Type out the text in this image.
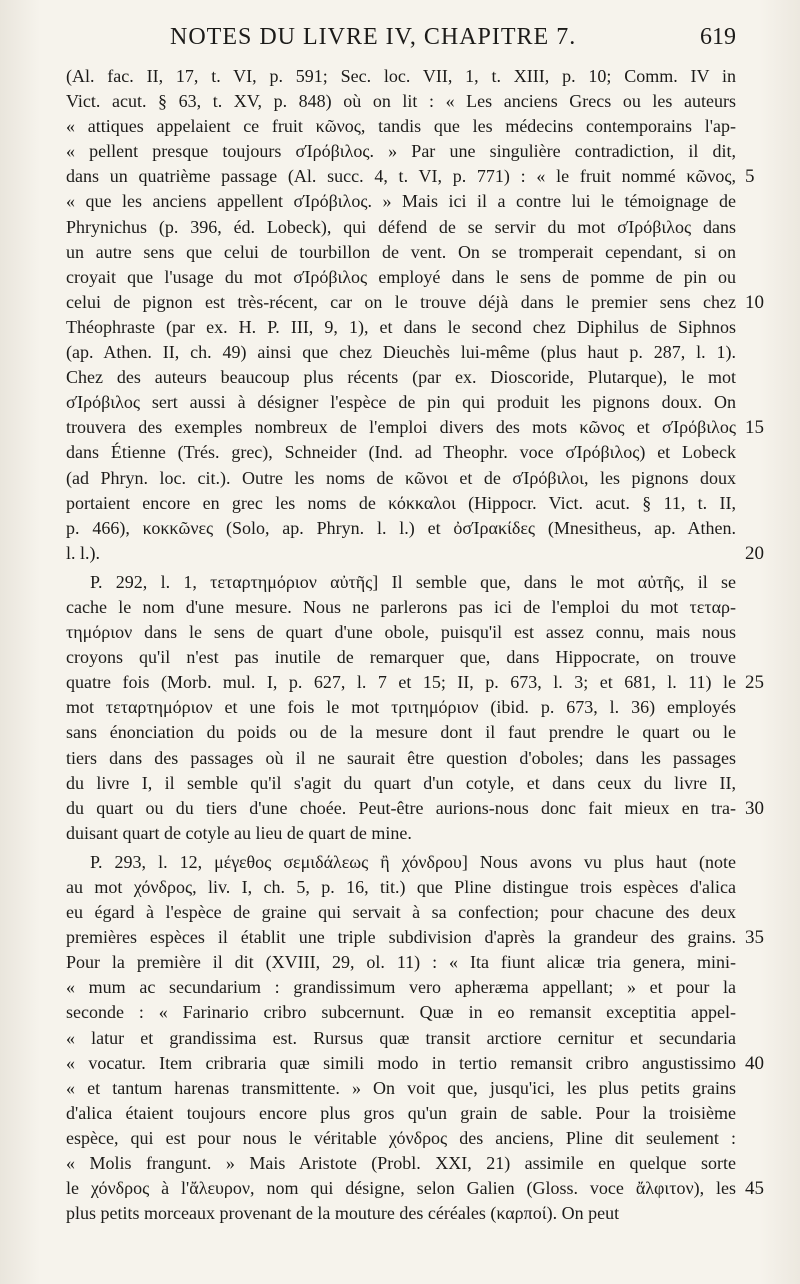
NOTES DU LIVRE IV, CHAPITRE 7.	619
(Al. fac. II, 17, t. VI, p. 591; Sec. loc. VII, 1, t. XIII, p. 10; Comm. IV in
Vict. acut. § 63, t. XV, p. 848) où on lit : « Les anciens Grecs ou les auteurs
« attiques appelaient ce fruit κῶνος, tandis que les médecins contemporains l'ap-
« pellent presque toujours σΊρόβιλος. » Par une singulière contradiction, il dit,
dans un quatrième passage (Al. succ. 4, t. VI, p. 771) : « le fruit nommé κῶνος,
« que les anciens appellent σΊρόβιλος. » Mais ici il a contre lui le témoignage de
Phrynichus (p. 396, éd. Lobeck), qui défend de se servir du mot σΊρόβιλος dans
un autre sens que celui de tourbillon de vent. On se tromperait cependant, si on
croyait que l'usage du mot σΊρόβιλος employé dans le sens de pomme de pin ou
celui de pignon est très-récent, car on le trouve déjà dans le premier sens chez
Théophraste (par ex. H. P. III, 9, 1), et dans le second chez Diphilus de Siphnos
(ap. Athen. II, ch. 49) ainsi que chez Dieuchès lui-même (plus haut p. 287, l. 1).
Chez des auteurs beaucoup plus récents (par ex. Dioscoride, Plutarque), le mot
σΊρόβιλος sert aussi à désigner l'espèce de pin qui produit les pignons doux. On
trouvera des exemples nombreux de l'emploi divers des mots κῶνος et σΊρόβιλος
dans Étienne (Trés. grec), Schneider (Ind. ad Theophr. voce σΊρόβιλος) et Lobeck
(ad Phryn. loc. cit.). Outre les noms de κῶνοι et de σΊρόβιλοι, les pignons doux
portaient encore en grec les noms de κόκκαλοι (Hippocr. Vict. acut. § 11, t. II,
p. 466), κοκκῶνες (Solo, ap. Phryn. l. l.) et ὀσΊρακίδες (Mnesitheus, ap. Athen.
l. l.).
P. 292, l. 1, τεταρτημόριον αὐτῆς] Il semble que, dans le mot αὐτῆς, il se
cache le nom d'une mesure. Nous ne parlerons pas ici de l'emploi du mot τεταρ-
τημόριον dans le sens de quart d'une obole, puisqu'il est assez connu, mais nous
croyons qu'il n'est pas inutile de remarquer que, dans Hippocrate, on trouve
quatre fois (Morb. mul. I, p. 627, l. 7 et 15; II, p. 673, l. 3; et 681, l. 11) le
mot τεταρτημόριον et une fois le mot τριτημόριον (ibid. p. 673, l. 36) employés
sans énonciation du poids ou de la mesure dont il faut prendre le quart ou le
tiers dans des passages où il ne saurait être question d'oboles; dans les passages
du livre I, il semble qu'il s'agit du quart d'un cotyle, et dans ceux du livre II,
du quart ou du tiers d'une choée. Peut-être aurions-nous donc fait mieux en tra-
duisant quart de cotyle au lieu de quart de mine.
P. 293, l. 12, μέγεθος σεμιδάλεως ἢ χόνδρου] Nous avons vu plus haut (note
au mot χόνδρος, liv. I, ch. 5, p. 16, tit.) que Pline distingue trois espèces d'alica
eu égard à l'espèce de graine qui servait à sa confection; pour chacune des deux
premières espèces il établit une triple subdivision d'après la grandeur des grains.
Pour la première il dit (XVIII, 29, ol. 11) : « Ita fiunt alicæ tria genera, mini-
« mum ac secundarium : grandissimum vero apheræma appellant; » et pour la
seconde : « Farinario cribro subcernunt. Quæ in eo remansit exceptitia appel-
« latur et grandissima est. Rursus quæ transit arctiore cernitur et secundaria
« vocatur. Item cribraria quæ simili modo in tertio remansit cribro angustissimo
« et tantum harenas transmittente. » On voit que, jusqu'ici, les plus petits grains
d'alica étaient toujours encore plus gros qu'un grain de sable. Pour la troisième
espèce, qui est pour nous le véritable χόνδρος des anciens, Pline dit seulement :
« Molis frangunt. » Mais Aristote (Probl. XXI, 21) assimile en quelque sorte
le χόνδρος à l'ἄλευρον, nom qui désigne, selon Galien (Gloss. voce ἄλφιτον), les
plus petits morceaux provenant de la mouture des céréales (καρποί). On peut
5
10
15
20
25
30
35
40
45
